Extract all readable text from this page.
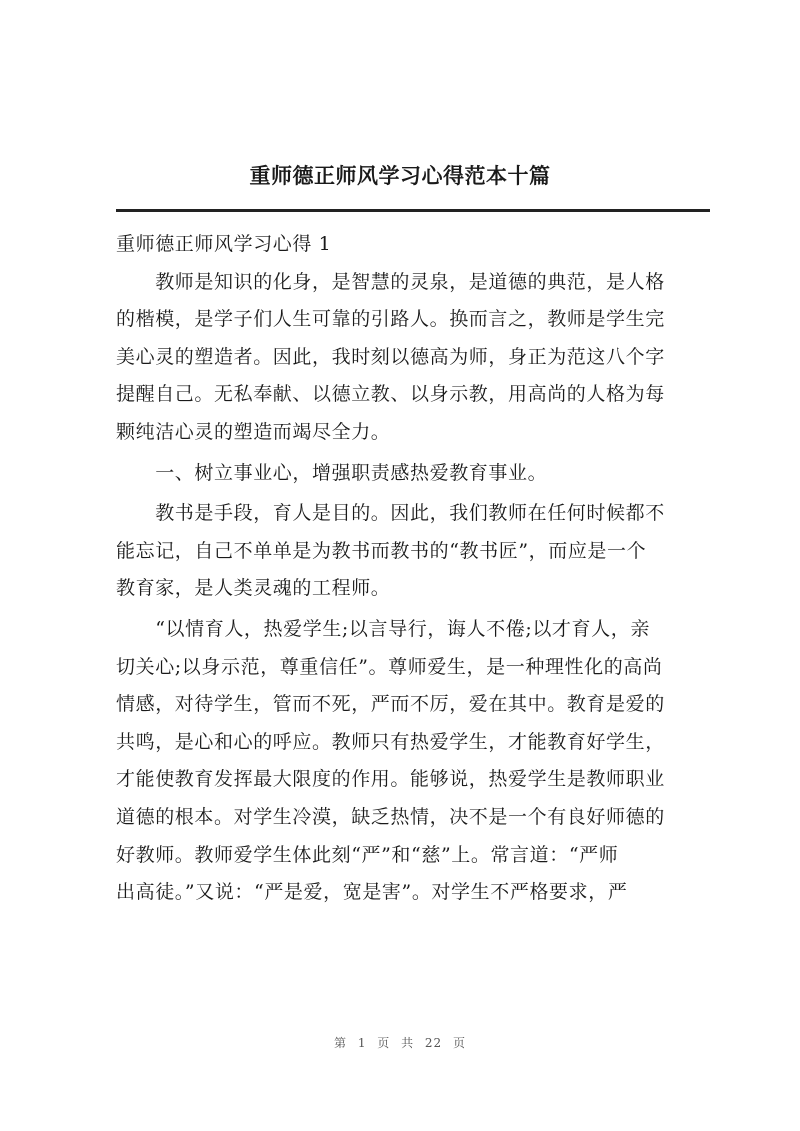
重师德正师风学习心得范本十篇
重师德正师风学习心得 1
　　教师是知识的化身，是智慧的灵泉，是道德的典范，是人格
的楷模，是学子们人生可靠的引路人。换而言之，教师是学生完
美心灵的塑造者。因此，我时刻以德高为师，身正为范这八个字
提醒自己。无私奉献、以德立教、以身示教，用高尚的人格为每
颗纯洁心灵的塑造而竭尽全力。
　　一、树立事业心，增强职责感热爱教育事业。
　　教书是手段，育人是目的。因此，我们教师在任何时候都不
能忘记，自己不单单是为教书而教书的“教书匠”，而应是一个
教育家，是人类灵魂的工程师。
　　“以情育人，热爱学生;以言导行，诲人不倦;以才育人，亲
切关心;以身示范，尊重信任”。尊师爱生，是一种理性化的高尚
情感，对待学生，管而不死，严而不厉，爱在其中。教育是爱的
共鸣，是心和心的呼应。教师只有热爱学生，才能教育好学生，
才能使教育发挥最大限度的作用。能够说，热爱学生是教师职业
道德的根本。对学生冷漠，缺乏热情，决不是一个有良好师德的
好教师。教师爱学生体此刻“严”和“慈”上。常言道：“严师
出高徒。”又说：“严是爱，宽是害”。对学生不严格要求，严
第 1 页 共 22 页
